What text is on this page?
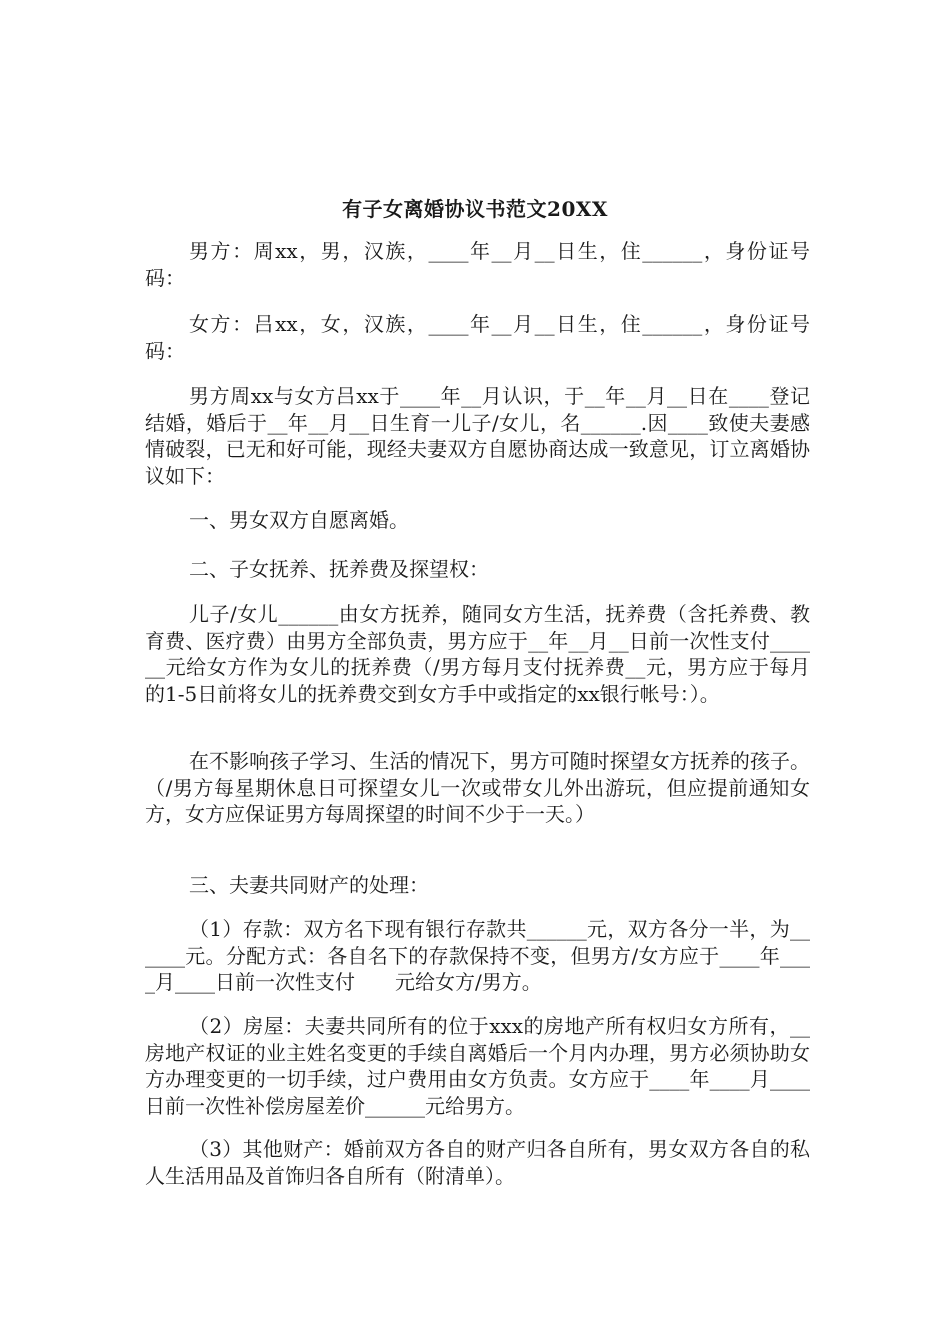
有子女离婚协议书范文20XX

男方：周xx，男，汉族，____年__月__日生，住______，身份证号码：

女方：吕xx，女，汉族，____年__月__日生，住______，身份证号码：

男方周xx与女方吕xx于____年__月认识，于__年__月__日在____登记结婚，婚后于__年__月__日生育一儿子/女儿，名______.因____致使夫妻感情破裂，已无和好可能，现经夫妻双方自愿协商达成一致意见，订立离婚协议如下：

一、男女双方自愿离婚。

二、子女抚养、抚养费及探望权：

儿子/女儿______由女方抚养，随同女方生活，抚养费（含托养费、教育费、医疗费）由男方全部负责，男方应于__年__月__日前一次性支付______元给女方作为女儿的抚养费（/男方每月支付抚养费__元，男方应于每月的1-5日前将女儿的抚养费交到女方手中或指定的xx银行帐号：）。

在不影响孩子学习、生活的情况下，男方可随时探望女方抚养的孩子。（/男方每星期休息日可探望女儿一次或带女儿外出游玩，但应提前通知女方，女方应保证男方每周探望的时间不少于一天。）

三、夫妻共同财产的处理：

（1）存款：双方名下现有银行存款共______元，双方各分一半，为______元。分配方式：各自名下的存款保持不变，但男方/女方应于____年____月____日前一次性支付　　元给女方/男方。

（2）房屋：夫妻共同所有的位于xxx的房地产所有权归女方所有，__房地产权证的业主姓名变更的手续自离婚后一个月内办理，男方必须协助女方办理变更的一切手续，过户费用由女方负责。女方应于____年____月____日前一次性补偿房屋差价______元给男方。

（3）其他财产：婚前双方各自的财产归各自所有，男女双方各自的私人生活用品及首饰归各自所有（附清单）。
